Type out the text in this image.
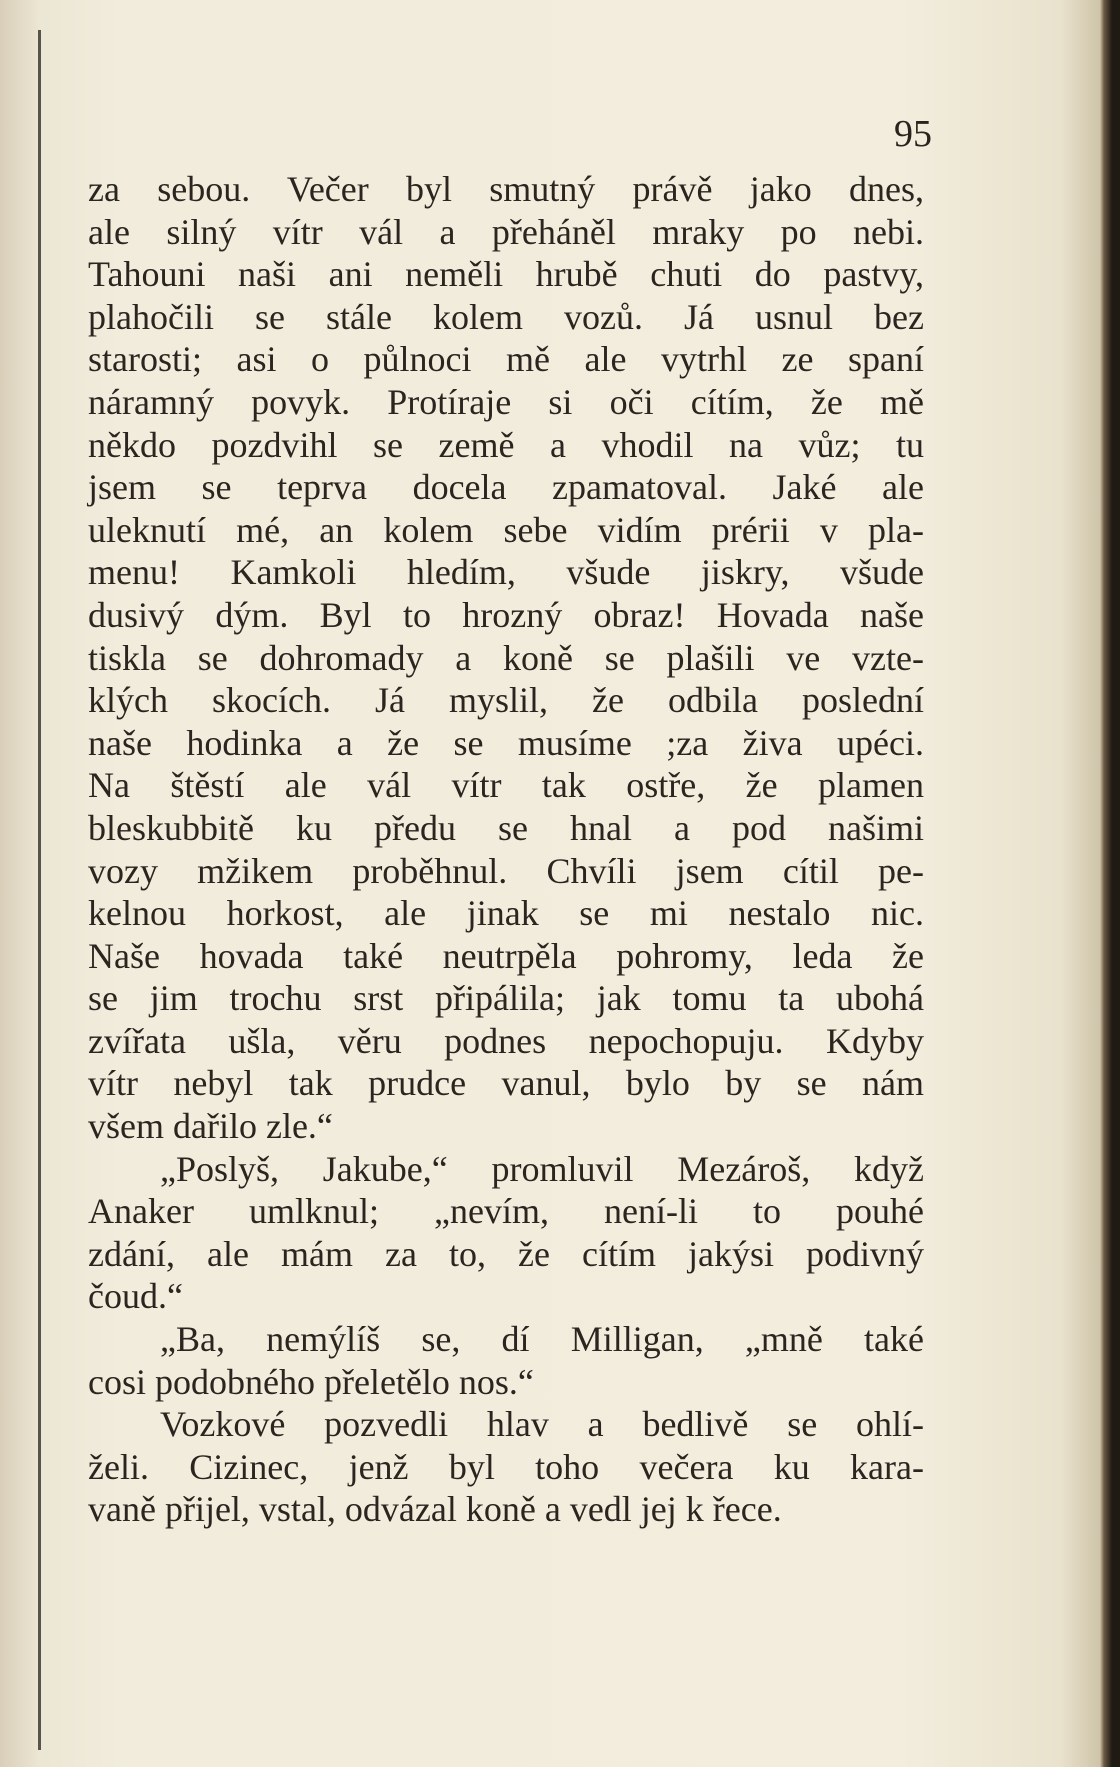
95
za sebou. Večer byl smutný právě jako dnes,
ale silný vítr vál a přeháněl mraky po nebi.
Tahouni naši ani neměli hrubě chuti do pastvy,
plahočili se stále kolem vozů. Já usnul bez
starosti; asi o půlnoci mě ale vytrhl ze spaní
náramný povyk. Protíraje si oči cítím, že mě
někdo pozdvihl se země a vhodil na vůz; tu
jsem se teprva docela zpamatoval. Jaké ale
uleknutí mé, an kolem sebe vidím prérii v pla-
menu! Kamkoli hledím, všude jiskry, všude
dusivý dým. Byl to hrozný obraz! Hovada naše
tiskla se dohromady a koně se plašili ve vzte-
klých skocích. Já myslil, že odbila poslední
naše hodinka a že se musíme ;za živa upéci.
Na štěstí ale vál vítr tak ostře, že plamen
bleskubbitě ku předu se hnal a pod našimi
vozy mžikem proběhnul. Chvíli jsem cítil pe-
kelnou horkost, ale jinak se mi nestalo nic.
Naše hovada také neutrpěla pohromy, leda že
se jim trochu srst připálila; jak tomu ta ubohá
zvířata ušla, věru podnes nepochopuju. Kdyby
vítr nebyl tak prudce vanul, bylo by se nám
všem dařilo zle.“
„Poslyš, Jakube,“ promluvil Mezároš, když
Anaker umlknul; „nevím, není-li to pouhé
zdání, ale mám za to, že cítím jakýsi podivný
čoud.“
„Ba, nemýlíš se, dí Milligan, „mně také
cosi podobného přeletělo nos.“
Vozkové pozvedli hlav a bedlivě se ohlí-
želi. Cizinec, jenž byl toho večera ku kara-
vaně přijel, vstal, odvázal koně a vedl jej k řece.
